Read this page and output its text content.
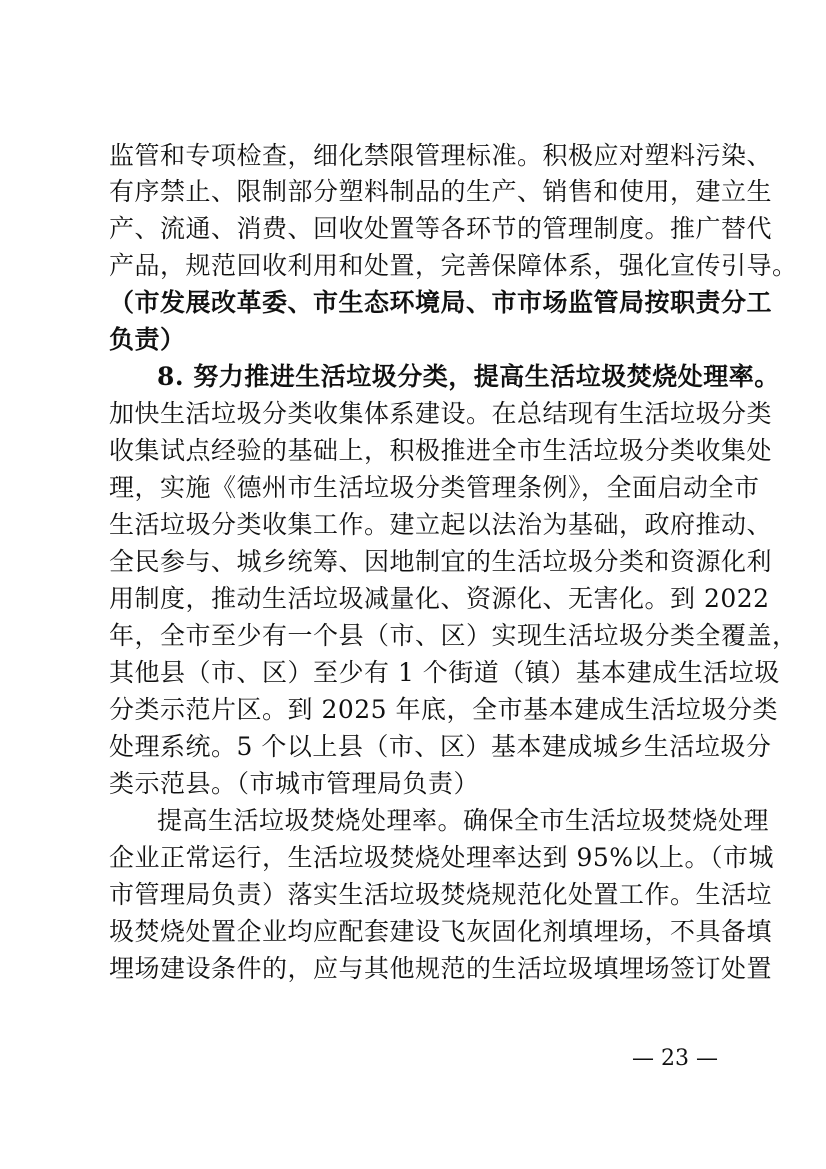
监管和专项检查，细化禁限管理标准。积极应对塑料污染、
有序禁止、限制部分塑料制品的生产、销售和使用，建立生
产、流通、消费、回收处置等各环节的管理制度。推广替代
产品，规范回收利用和处置，完善保障体系，强化宣传引导。
（市发展改革委、市生态环境局、市市场监管局按职责分工
负责）
8. 努力推进生活垃圾分类，提高生活垃圾焚烧处理率。
加快生活垃圾分类收集体系建设。在总结现有生活垃圾分类
收集试点经验的基础上，积极推进全市生活垃圾分类收集处
理，实施《德州市生活垃圾分类管理条例》，全面启动全市
生活垃圾分类收集工作。建立起以法治为基础，政府推动、
全民参与、城乡统筹、因地制宜的生活垃圾分类和资源化利
用制度，推动生活垃圾减量化、资源化、无害化。到 2022
年，全市至少有一个县（市、区）实现生活垃圾分类全覆盖，
其他县（市、区）至少有 1 个街道（镇）基本建成生活垃圾
分类示范片区。到 2025 年底，全市基本建成生活垃圾分类
处理系统。5 个以上县（市、区）基本建成城乡生活垃圾分
类示范县。（市城市管理局负责）
提高生活垃圾焚烧处理率。确保全市生活垃圾焚烧处理
企业正常运行，生活垃圾焚烧处理率达到 95%以上。（市城
市管理局负责）落实生活垃圾焚烧规范化处置工作。生活垃
圾焚烧处置企业均应配套建设飞灰固化剂填埋场，不具备填
埋场建设条件的，应与其他规范的生活垃圾填埋场签订处置
— 23 —
